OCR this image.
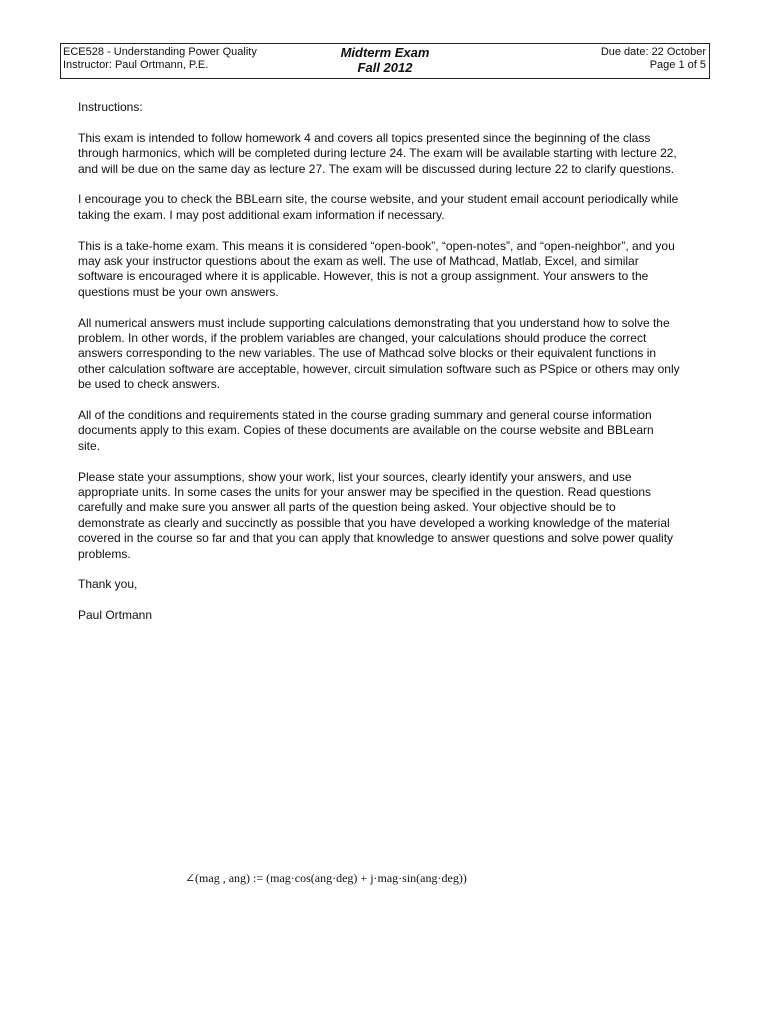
ECE528 - Understanding Power Quality
Instructor: Paul Ortmann, P.E.
Midterm Exam
Fall 2012
Due date: 22 October
Page 1 of 5

Instructions:

This exam is intended to follow homework 4 and covers all topics presented since the beginning of the class
through harmonics, which will be completed during lecture 24. The exam will be available starting with lecture 22,
and will be due on the same day as lecture 27. The exam will be discussed during lecture 22 to clarify questions.

I encourage you to check the BBLearn site, the course website, and your student email account periodically while
taking the exam. I may post additional exam information if necessary.

This is a take-home exam. This means it is considered “open-book”, “open-notes”, and “open-neighbor”, and you
may ask your instructor questions about the exam as well. The use of Mathcad, Matlab, Excel, and similar
software is encouraged where it is applicable. However, this is not a group assignment. Your answers to the
questions must be your own answers.

All numerical answers must include supporting calculations demonstrating that you understand how to solve the
problem. In other words, if the problem variables are changed, your calculations should produce the correct
answers corresponding to the new variables. The use of Mathcad solve blocks or their equivalent functions in
other calculation software are acceptable, however, circuit simulation software such as PSpice or others may only
be used to check answers.

All of the conditions and requirements stated in the course grading summary and general course information
documents apply to this exam. Copies of these documents are available on the course website and BBLearn
site.

Please state your assumptions, show your work, list your sources, clearly identify your answers, and use
appropriate units. In some cases the units for your answer may be specified in the question. Read questions
carefully and make sure you answer all parts of the question being asked. Your objective should be to
demonstrate as clearly and succinctly as possible that you have developed a working knowledge of the material
covered in the course so far and that you can apply that knowledge to answer questions and solve power quality
problems.

Thank you,

Paul Ortmann

∠(mag , ang) := (mag·cos(ang·deg) + j·mag·sin(ang·deg))
